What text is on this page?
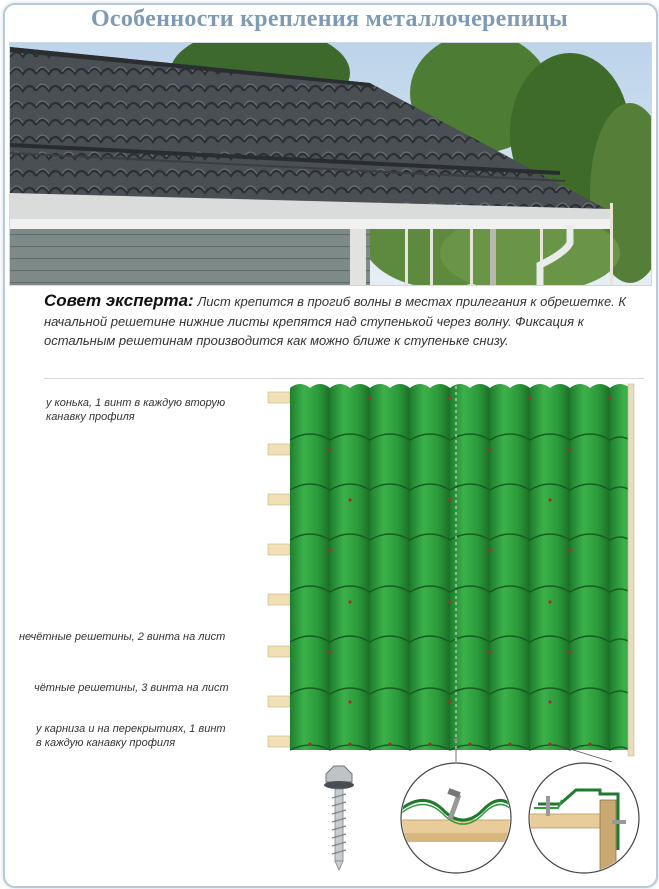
Особенности крепления металлочерепицы
Совет эксперта: Лист крепится в прогиб волны в местах прилегания к обрешетке. К начальной решетине нижние листы крепятся над ступенькой через волну. Фиксация к остальным решетинам производится как можно ближе к ступеньке снизу.
у конька, 1 винт в каждую вторую
канавку профиля
нечётные решетины, 2 винта на лист
чётные решетины, 3 винта на лист
у карниза и на перекрытиях, 1 винт
в каждую канавку профиля
